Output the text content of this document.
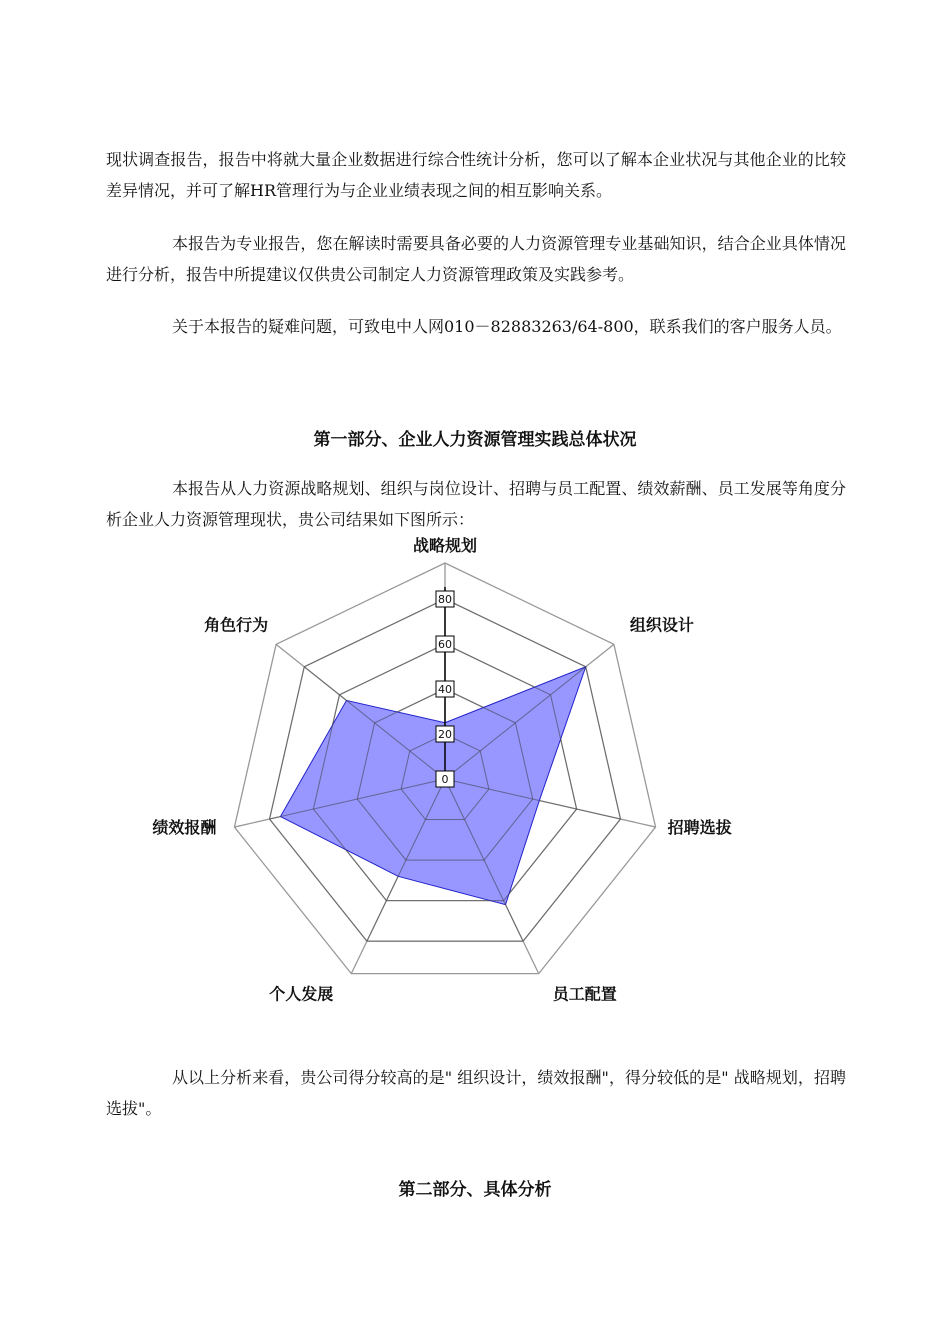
现状调查报告，报告中将就大量企业数据进行综合性统计分析，您可以了解本企业状况与其他企业的比较差异情况，并可了解HR管理行为与企业业绩表现之间的相互影响关系。

本报告为专业报告，您在解读时需要具备必要的人力资源管理专业基础知识，结合企业具体情况进行分析，报告中所提建议仅供贵公司制定人力资源管理政策及实践参考。

关于本报告的疑难问题，可致电中人网010－82883263/64-800，联系我们的客户服务人员。

第一部分、企业人力资源管理实践总体状况

本报告从人力资源战略规划、组织与岗位设计、招聘与员工配置、绩效薪酬、员工发展等角度分析企业人力资源管理现状，贵公司结果如下图所示：

0
20
40
60
80
战略规划
组织设计
招聘选拔
员工配置
个人发展
绩效报酬
角色行为

从以上分析来看，贵公司得分较高的是" 组织设计，绩效报酬"，得分较低的是" 战略规划，招聘选拔"。

第二部分、具体分析
